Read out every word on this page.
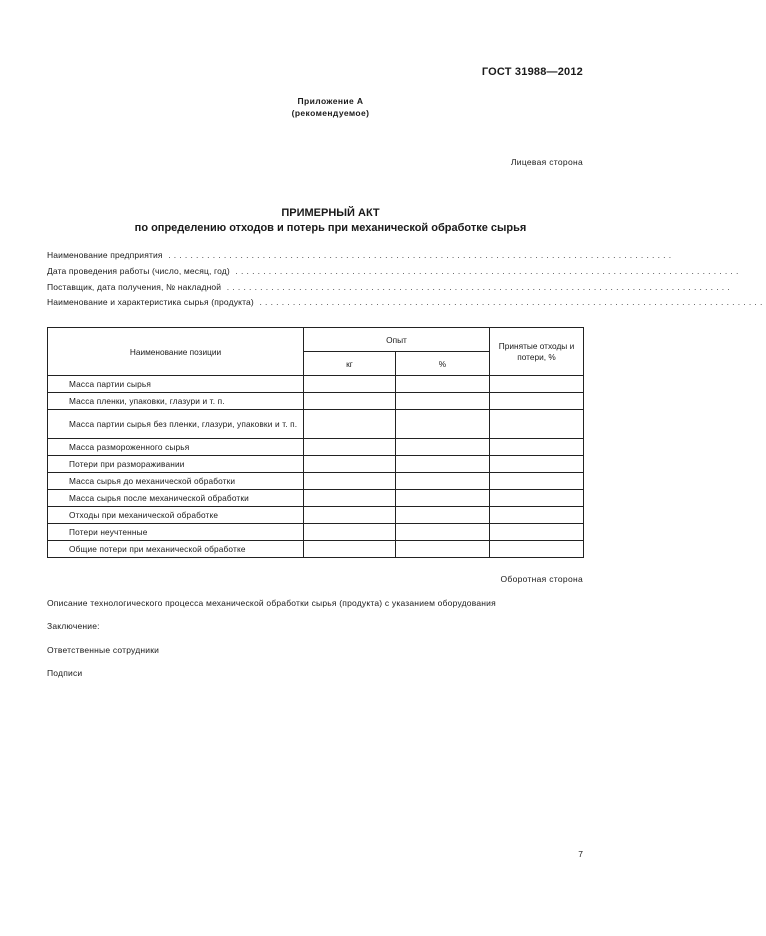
ГОСТ 31988—2012
Приложение А
(рекомендуемое)
Лицевая сторона
ПРИМЕРНЫЙ АКТ
по определению отходов и потерь при механической обработке сырья
Наименование предприятия ...........................................................................................
Дата проведения работы (число, месяц, год) ...........................................................................................
Поставщик, дата получения, № накладной ...........................................................................................
Наименование и характеристика сырья (продукта) ...........................................................................................
Наименование позиции	Опыт		Принятые отходы и потери, %
	кг	%	
Масса партии сырья			
Масса пленки, упаковки, глазури и т. п.			
Масса партии сырья без пленки, глазури, упаковки и т. п.			
Масса размороженного сырья			
Потери при размораживании			
Масса сырья до механической обработки			
Масса сырья после механической обработки			
Отходы при механической обработке			
Потери неучтенные			
Общие потери при механической обработке			
Оборотная сторона
Описание технологического процесса механической обработки сырья (продукта) с указанием оборудования
Заключение:
Ответственные сотрудники
Подписи
7
